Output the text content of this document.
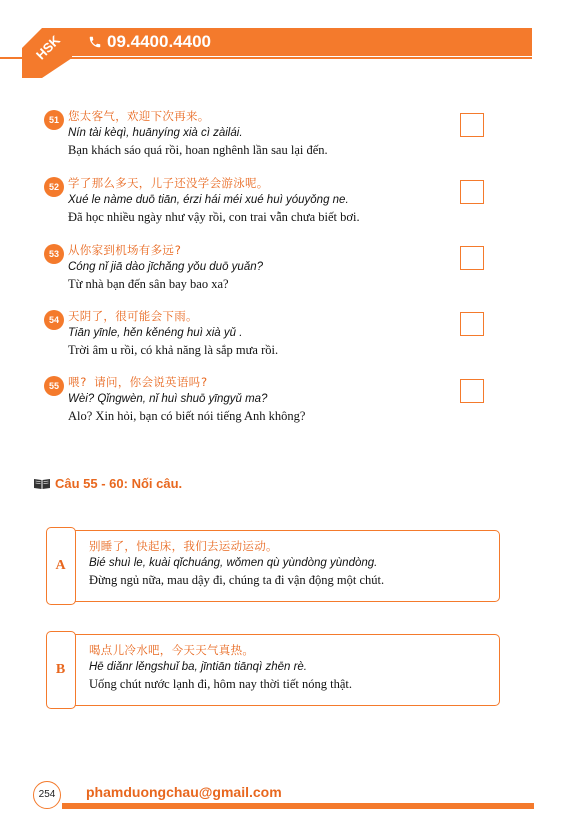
HSK	09.4400.4400
51 您太客气，欢迎下次再来。
Nín tài kèqì, huānyíng xià cì zàilái.
Bạn khách sáo quá rồi, hoan nghênh lần sau lại đến.
52 学了那么多天，儿子还没学会游泳呢。
Xué le nàme duō tiān, érzi hái méi xué huì yóuyǒng ne.
Đã học nhiều ngày như vậy rồi, con trai vẫn chưa biết bơi.
53 从你家到机场有多远?
Cóng nǐ jiā dào jīchǎng yǒu duō yuǎn?
Từ nhà bạn đến sân bay bao xa?
54 天阴了，很可能会下雨。
Tiān yīnle, hěn kěnéng huì xià yǔ .
Trời âm u rồi, có khả năng là sắp mưa rồi.
55 喂? 请问，你会说英语吗?
Wèi? Qǐngwèn, nǐ huì shuō yīngyǔ ma?
Alo? Xin hỏi, bạn có biết nói tiếng Anh không?
Câu 55 - 60: Nối câu.
A
别睡了，快起床，我们去运动运动。
Bié shuì le, kuài qǐchuáng, wǒmen qù yùndòng yùndòng.
Đừng ngủ nữa, mau dậy đi, chúng ta đi vận động một chút.
B
喝点儿冷水吧，今天天气真热。
Hē diǎnr lěngshuǐ ba, jīntiān tiānqì zhēn rè.
Uống chút nước lạnh đi, hôm nay thời tiết nóng thật.
254	phamduongchau@gmail.com
